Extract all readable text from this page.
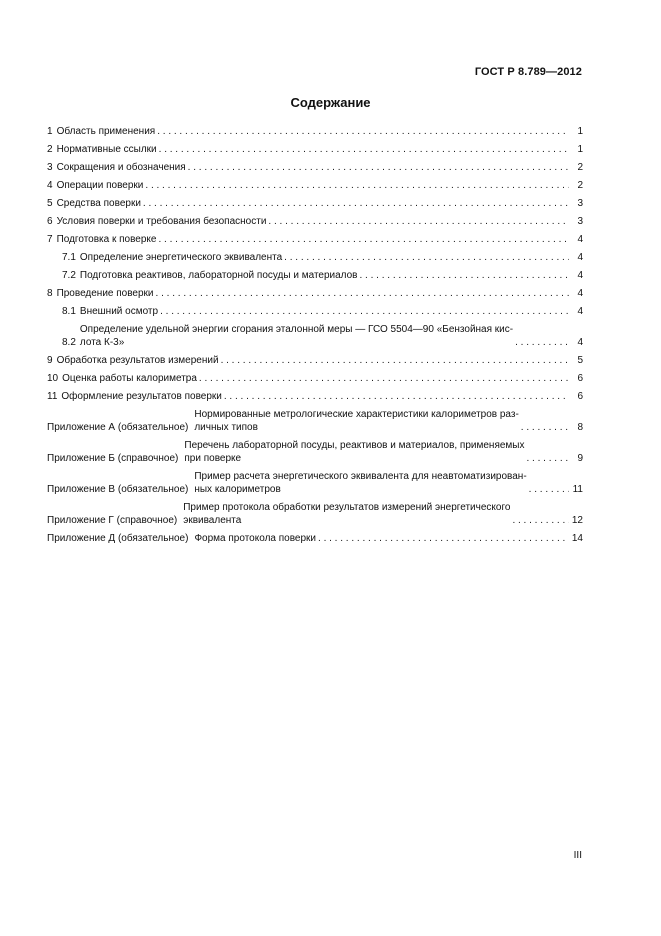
ГОСТ Р 8.789—2012
Содержание
1 Область применения . . .	1
2 Нормативные ссылки . . .	1
3 Сокращения и обозначения . . .	2
4 Операции поверки . . .	2
5 Средства поверки . . .	3
6 Условия поверки и требования безопасности . . .	3
7 Подготовка к поверке . . .	4
7.1 Определение энергетического эквивалента . . .	4
7.2 Подготовка реактивов, лабораторной посуды и материалов . . .	4
8 Проведение поверки . . .	4
8.1 Внешний осмотр . . .	4
8.2
Определение удельной энергии сгорания эталонной меры — ГСО 5504—90 «Бензойная кис-
лота К-3» . . .	4
9 Обработка результатов измерений . . .	5
10 Оценка работы калориметра . . .	6
11 Оформление результатов поверки . . .	6
Приложение А (обязательное)
Нормированные метрологические характеристики калориметров раз-
личных типов . . .	8
Приложение Б (справочное)
Перечень лабораторной посуды, реактивов и материалов, применяемых
при поверке . . .	9
Приложение В (обязательное)
Пример расчета энергетического эквивалента для неавтоматизирован-
ных калориметров . . .	11
Приложение Г (справочное)
Пример протокола обработки результатов измерений энергетического
эквивалента . . .	12
Приложение Д (обязательное) Форма протокола поверки . . .	14
III
